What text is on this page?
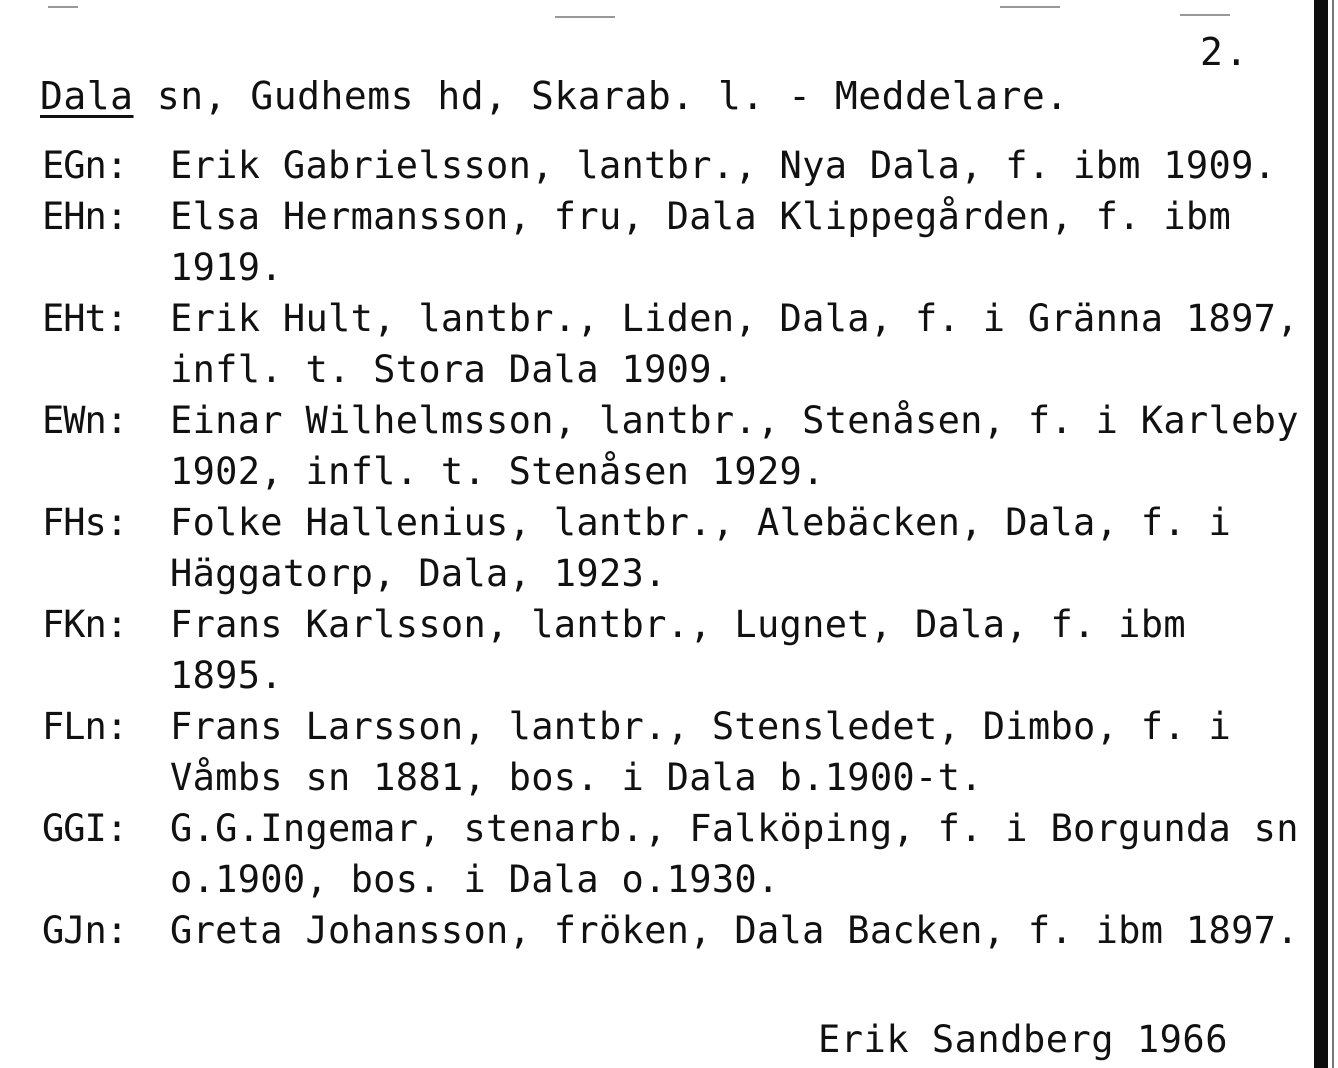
2.
Dala sn, Gudhems hd, Skarab. l. - Meddelare.
EGn:	Erik Gabrielsson, lantbr., Nya Dala, f. ibm 1909.
EHn:	Elsa Hermansson, fru, Dala Klippegården, f. ibm 1919.
EHt:	Erik Hult, lantbr., Liden, Dala, f. i Gränna 1897, infl. t. Stora Dala 1909.
EWn:	Einar Wilhelmsson, lantbr., Stenåsen, f. i Karleby 1902, infl. t. Stenåsen 1929.
FHs:	Folke Hallenius, lantbr., Alebäcken, Dala, f. i Häggatorp, Dala, 1923.
FKn:	Frans Karlsson, lantbr., Lugnet, Dala, f. ibm 1895.
FLn:	Frans Larsson, lantbr., Stensledet, Dimbo, f. i Våmbs sn 1881, bos. i Dala b.1900-t.
GGI:	G.G.Ingemar, stenarb., Falköping, f. i Borgunda sn o.1900, bos. i Dala o.1930.
GJn:	Greta Johansson, fröken, Dala Backen, f. ibm 1897.
Erik Sandberg 1966
